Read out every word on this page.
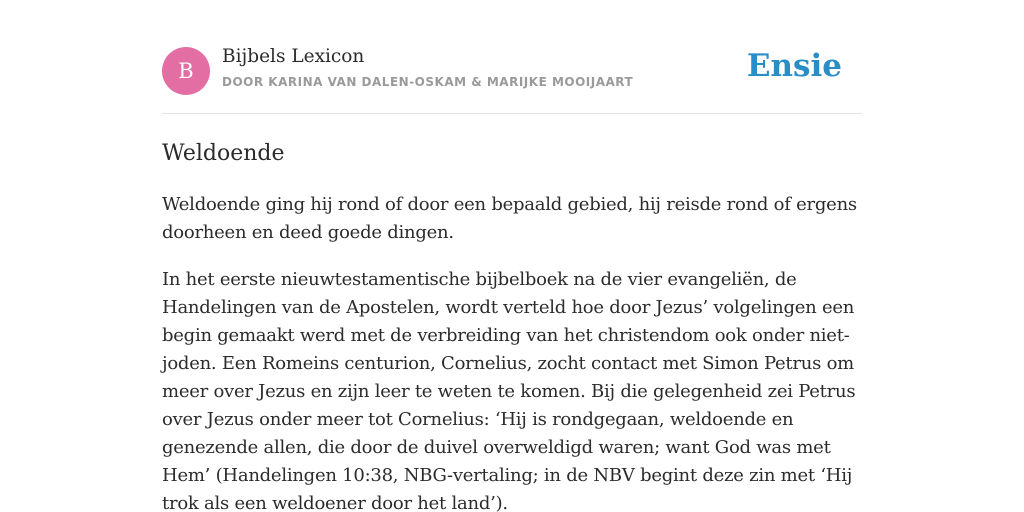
B
Bijbels Lexicon
DOOR KARINA VAN DALEN-OSKAM & MARIJKE MOOIJAART	Ensie
Weldoende

Weldoende ging hij rond of door een bepaald gebied, hij reisde rond of ergens doorheen en deed goede dingen.

In het eerste nieuwtestamentische bijbelboek na de vier evangeliën, de Handelingen van de Apostelen, wordt verteld hoe door Jezus’ volgelingen een begin gemaakt werd met de verbreiding van het christendom ook onder niet-joden. Een Romeins centurion, Cornelius, zocht contact met Simon Petrus om meer over Jezus en zijn leer te weten te komen. Bij die gelegenheid zei Petrus over Jezus onder meer tot Cornelius: ‘Hij is rondgegaan, weldoende en genezende allen, die door de duivel overweldigd waren; want God was met Hem’ (Handelingen 10:38, NBG-vertaling; in de NBV begint deze zin met ‘Hij trok als een weldoener door het land’).
